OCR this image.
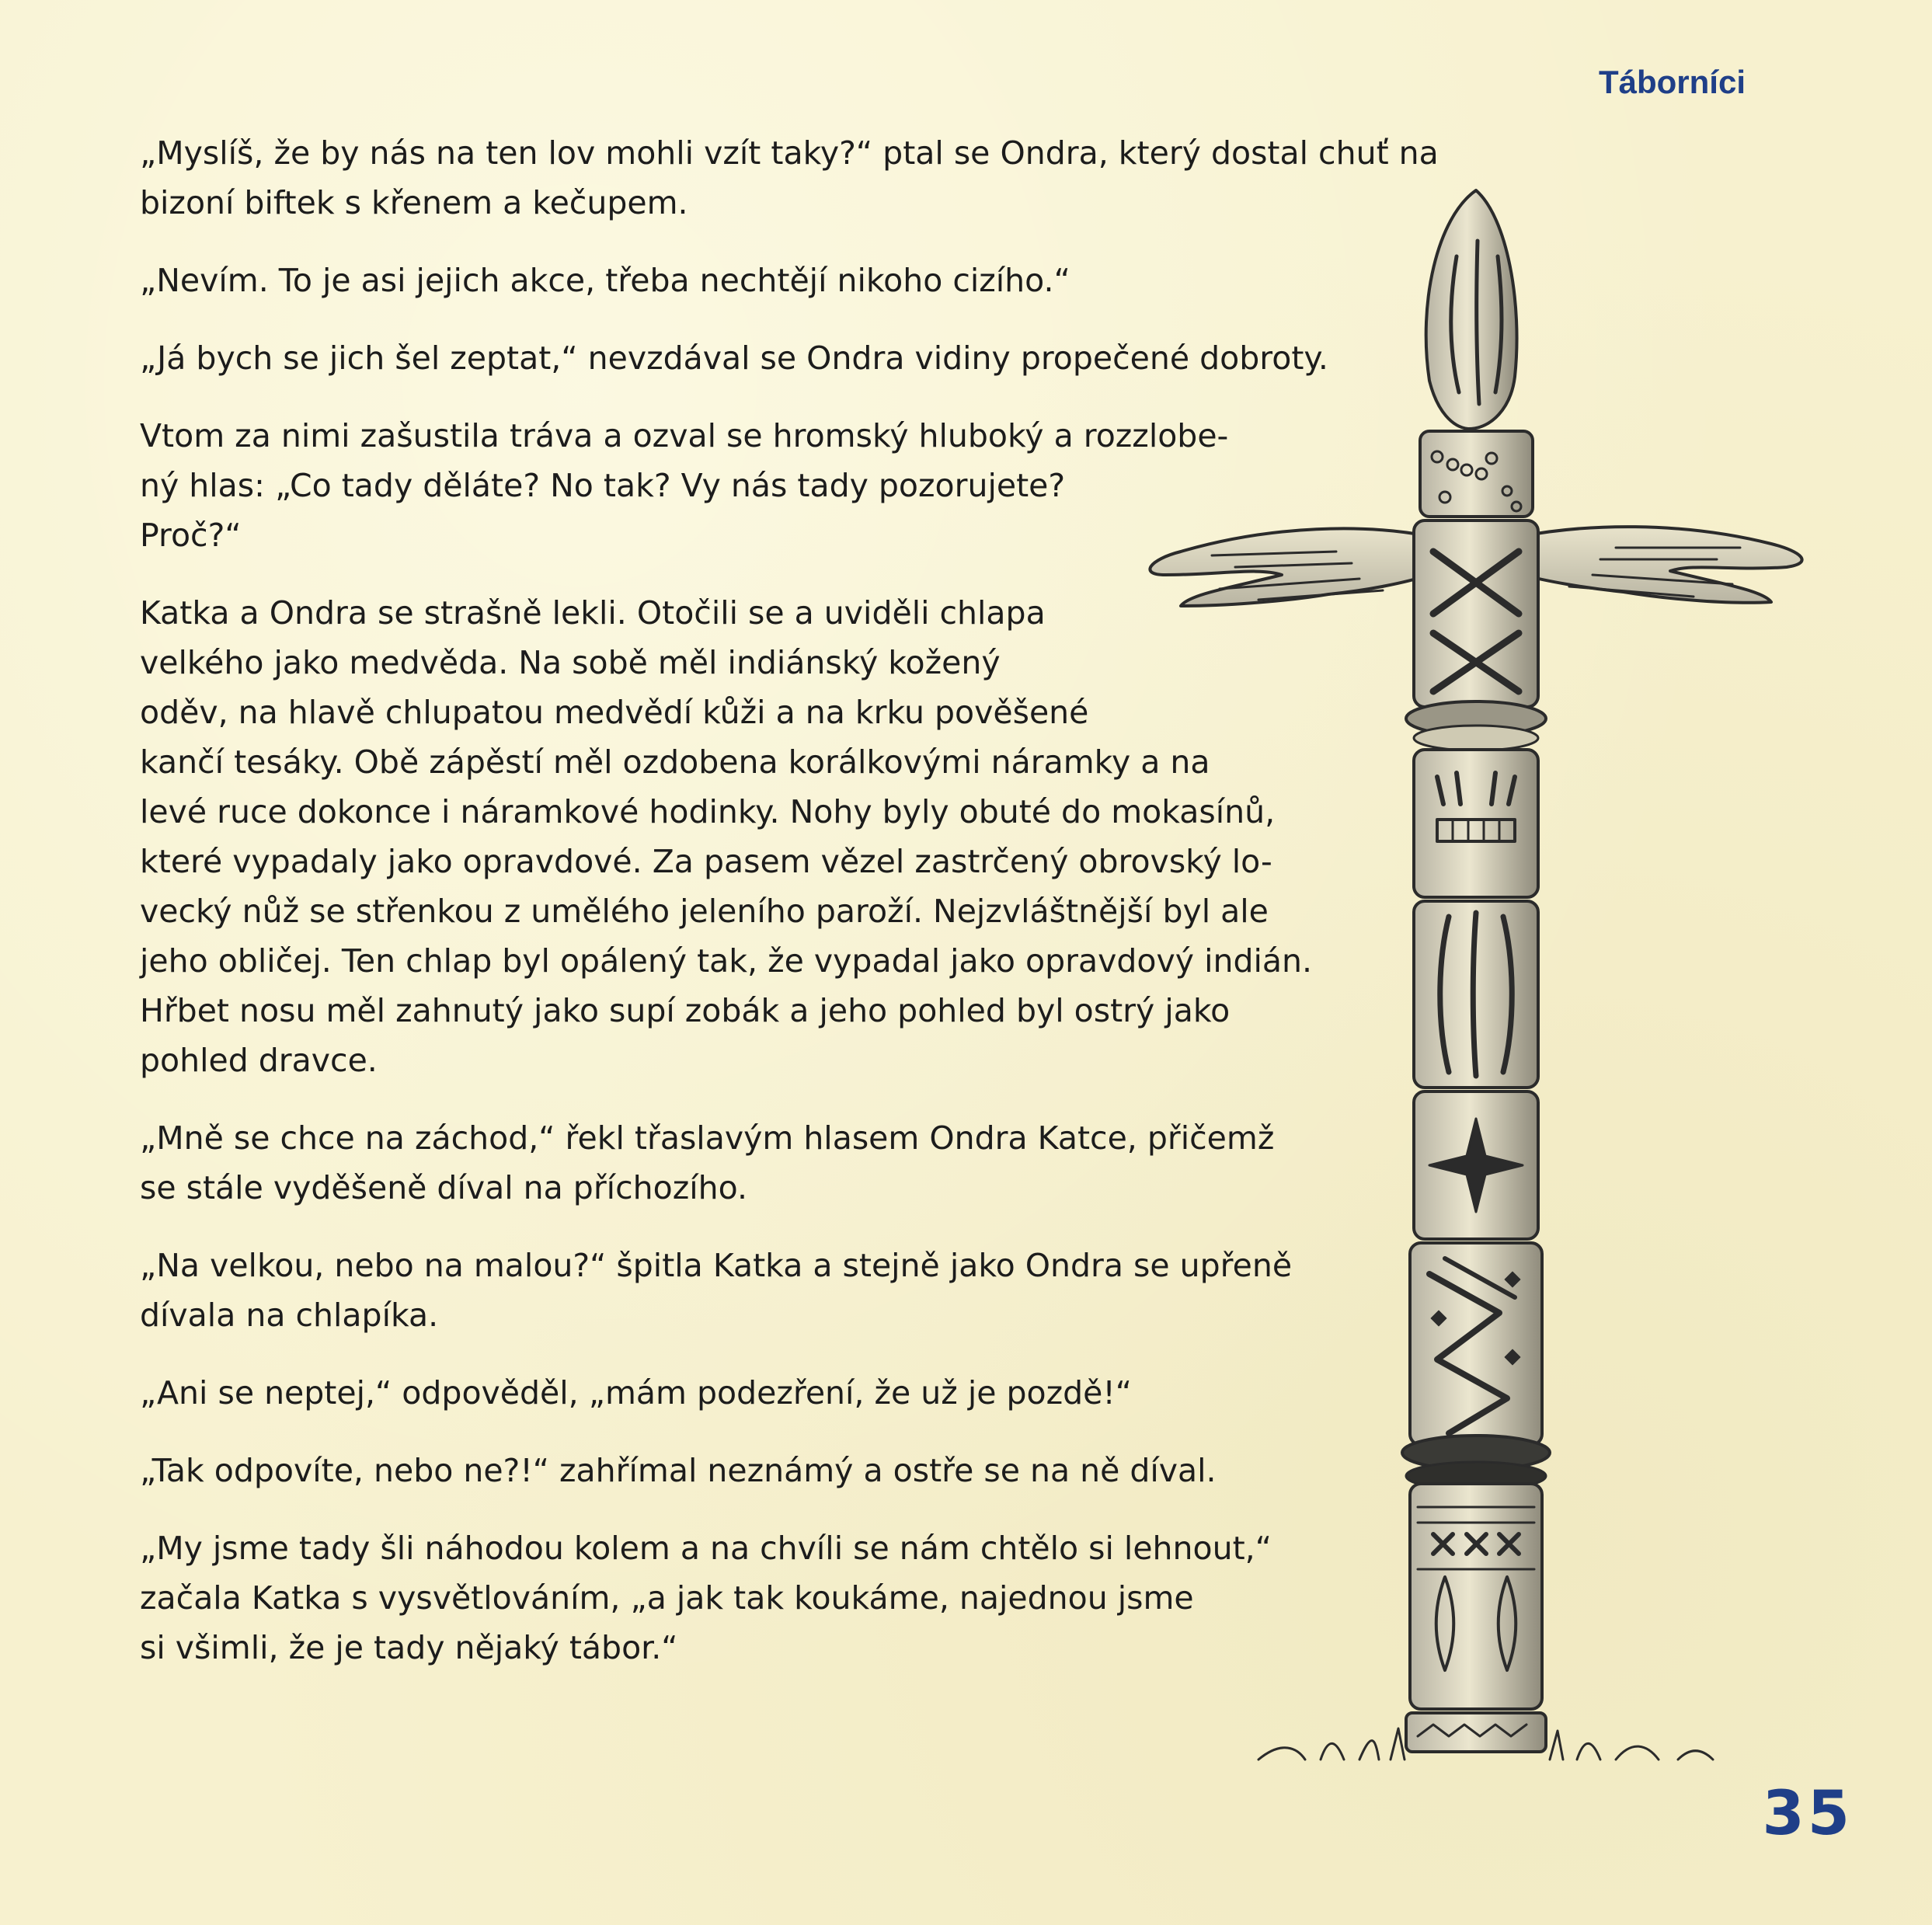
Táborníci

„Myslíš, že by nás na ten lov mohli vzít taky?“ ptal se Ondra, který dostal chuť na
bizoní biftek s křenem a kečupem.

„Nevím. To je asi jejich akce, třeba nechtějí nikoho cizího.“

„Já bych se jich šel zeptat,“ nevzdával se Ondra vidiny propečené dobroty.

Vtom za nimi zašustila tráva a ozval se hromský hluboký a rozzlobe-
ný hlas: „Co tady děláte? No tak? Vy nás tady pozorujete?
Proč?“

Katka a Ondra se strašně lekli. Otočili se a uviděli chlapa
velkého jako medvěda. Na sobě měl indiánský kožený
oděv, na hlavě chlupatou medvědí kůži a na krku pověšené
kančí tesáky. Obě zápěstí měl ozdobena korálkovými náramky a na
levé ruce dokonce i náramkové hodinky. Nohy byly obuté do mokasínů,
které vypadaly jako opravdové. Za pasem vězel zastrčený obrovský lo-
vecký nůž se střenkou z umělého jeleního paroží. Nejzvláštnější byl ale
jeho obličej. Ten chlap byl opálený tak, že vypadal jako opravdový indián.
Hřbet nosu měl zahnutý jako supí zobák a jeho pohled byl ostrý jako
pohled dravce.

„Mně se chce na záchod,“ řekl třaslavým hlasem Ondra Katce, přičemž
se stále vyděšeně díval na příchozího.

„Na velkou, nebo na malou?“ špitla Katka a stejně jako Ondra se upřeně
dívala na chlapíka.

„Ani se neptej,“ odpověděl, „mám podezření, že už je pozdě!“

„Tak odpovíte, nebo ne?!“ zahřímal neznámý a ostře se na ně díval.

„My jsme tady šli náhodou kolem a na chvíli se nám chtělo si lehnout,“
začala Katka s vysvětlováním, „a jak tak koukáme, najednou jsme
si všimli, že je tady nějaký tábor.“

35
